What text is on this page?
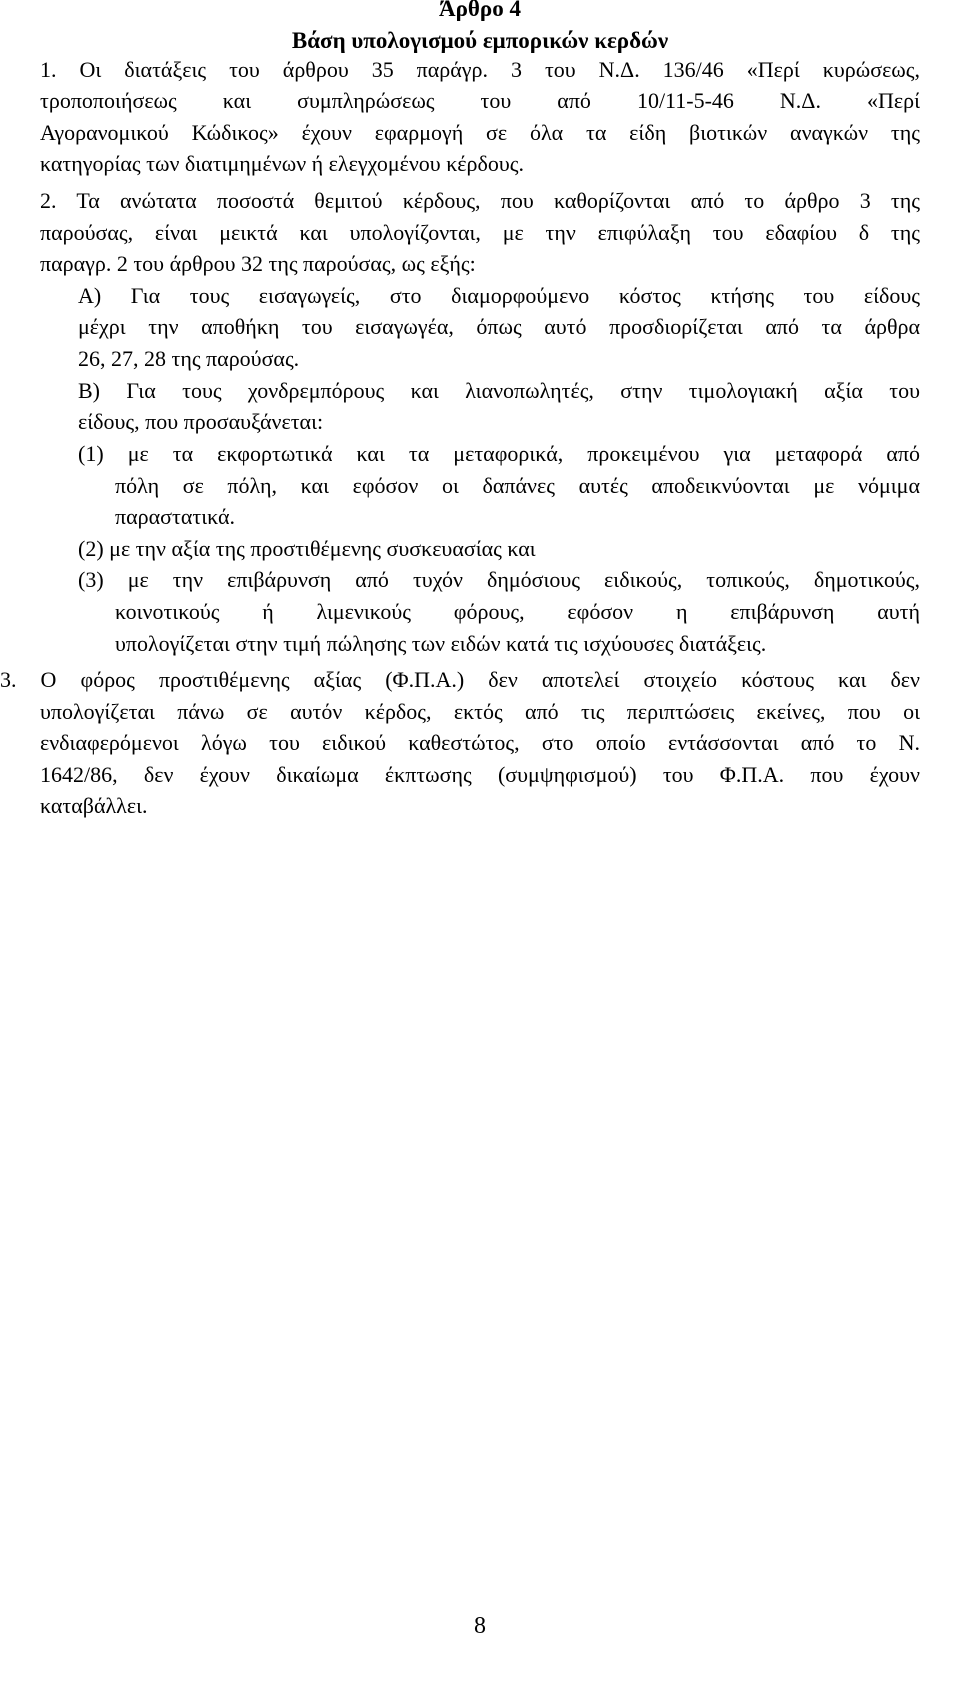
Άρθρο 4
Βάση υπολογισμού εμπορικών κερδών
1. Οι διατάξεις του άρθρου 35 παράγρ. 3 του Ν.Δ. 136/46 «Περί κυρώσεως,
τροποποιήσεως και συμπληρώσεως του από 10/11-5-46 Ν.Δ. «Περί
Αγορανομικού Κώδικος» έχουν εφαρμογή σε όλα τα είδη βιοτικών αναγκών της
κατηγορίας των διατιμημένων ή ελεγχομένου κέρδους.
2. Τα ανώτατα ποσοστά θεμιτού κέρδους, που καθορίζονται από το άρθρο 3 της
παρούσας, είναι μεικτά και υπολογίζονται, με την επιφύλαξη του εδαφίου δ της
παραγρ. 2 του άρθρου 32 της παρούσας, ως εξής:
A) Για τους εισαγωγείς, στο διαμορφούμενο κόστος κτήσης του είδους
μέχρι την αποθήκη του εισαγωγέα, όπως αυτό προσδιορίζεται από τα άρθρα
26, 27, 28 της παρούσας.
B) Για τους χονδρεμπόρους και λιανοπωλητές, στην τιμολογιακή αξία του
είδους, που προσαυξάνεται:
(1) με τα εκφορτωτικά και τα μεταφορικά, προκειμένου για μεταφορά από
πόλη σε πόλη, και εφόσον οι δαπάνες αυτές αποδεικνύονται με νόμιμα
παραστατικά.
(2) με την αξία της προστιθέμενης συσκευασίας και
(3) με την επιβάρυνση από τυχόν δημόσιους ειδικούς, τοπικούς, δημοτικούς,
κοινοτικούς ή λιμενικούς φόρους, εφόσον η επιβάρυνση αυτή
υπολογίζεται στην τιμή πώλησης των ειδών κατά τις ισχύουσες διατάξεις.
3. Ο φόρος προστιθέμενης αξίας (Φ.Π.Α.) δεν αποτελεί στοιχείο κόστους και δεν
υπολογίζεται πάνω σε αυτόν κέρδος, εκτός από τις περιπτώσεις εκείνες, που οι
ενδιαφερόμενοι λόγω του ειδικού καθεστώτος, στο οποίο εντάσσονται από το Ν.
1642/86, δεν έχουν δικαίωμα έκπτωσης (συμψηφισμού) του Φ.Π.Α. που έχουν
καταβάλλει.
8
